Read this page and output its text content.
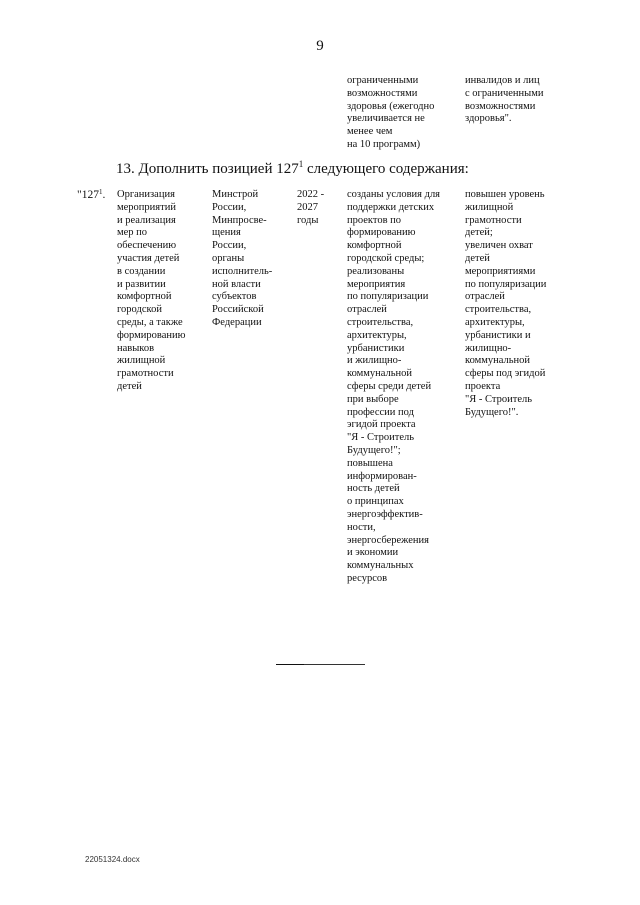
9
ограниченными
возможностями
здоровья (ежегодно
увеличивается не
менее чем
на 10 программ)
инвалидов и лиц
с ограниченными
возможностями
здоровья".
13. Дополнить позицией $127^1$ следующего содержания:
"$127^1$. Организация
мероприятий
и реализация
мер по
обеспечению
участия детей
в создании
и развитии
комфортной
городской
среды, а также
формированию
навыков
жилищной
грамотности
детей
Минстрой
России,
Минпросве-
щения
России,
органы
исполнитель-
ной власти
субъектов
Российской
Федерации
2022 -
2027
годы
созданы условия для
поддержки детских
проектов по
формированию
комфортной
городской среды;
реализованы
мероприятия
по популяризации
отраслей
строительства,
архитектуры,
урбанистики
и жилищно-
коммунальной
сферы среди детей
при выборе
профессии под
эгидой проекта
"Я - Строитель
Будущего!";
повышена
информирован-
ность детей
о принципах
энергоэффектив-
ности,
энергосбережения
и экономии
коммунальных
ресурсов
повышен уровень
жилищной
грамотности
детей;
увеличен охват
детей
мероприятиями
по популяризации
отраслей
строительства,
архитектуры,
урбанистики и
жилищно-
коммунальной
сферы под эгидой
проекта
"Я - Строитель
Будущего!".
22051324.docx
